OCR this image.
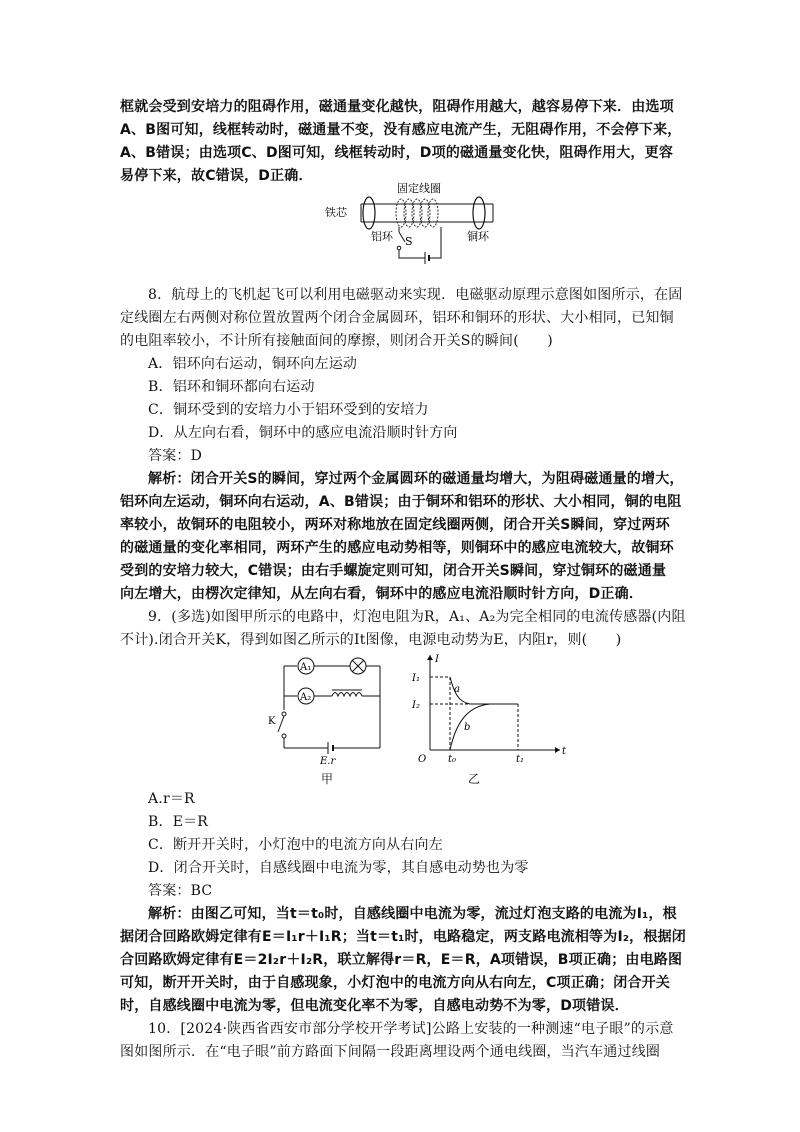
框就会受到安培力的阻碍作用，磁通量变化越快，阻碍作用越大，越容易停下来．由选项
A、B图可知，线框转动时，磁通量不变，没有感应电流产生，无阻碍作用，不会停下来，
A、B错误；由选项C、D图可知，线框转动时，D项的磁通量变化快，阻碍作用大，更容
易停下来，故C错误，D正确．
固定线圈
铁芯
铝环	铜环
S
8．航母上的飞机起飞可以利用电磁驱动来实现．电磁驱动原理示意图如图所示，在固
定线圈左右两侧对称位置放置两个闭合金属圆环，铝环和铜环的形状、大小相同，已知铜
的电阻率较小，不计所有接触面间的摩擦，则闭合开关S的瞬间(　　)
A．铝环向右运动，铜环向左运动
B．铝环和铜环都向右运动
C．铜环受到的安培力小于铝环受到的安培力
D．从左向右看，铜环中的感应电流沿顺时针方向
答案：D
解析：闭合开关S的瞬间，穿过两个金属圆环的磁通量均增大，为阻碍磁通量的增大，
铝环向左运动，铜环向右运动，A、B错误；由于铜环和铝环的形状、大小相同，铜的电阻
率较小，故铜环的电阻较小，两环对称地放在固定线圈两侧，闭合开关S瞬间，穿过两环
的磁通量的变化率相同，两环产生的感应电动势相等，则铜环中的感应电流较大，故铜环
受到的安培力较大，C错误；由右手螺旋定则可知，闭合开关S瞬间，穿过铜环的磁通量
向左增大，由楞次定律知，从左向右看，铜环中的感应电流沿顺时针方向，D正确．
9．(多选)如图甲所示的电路中，灯泡电阻为R，A₁、A₂为完全相同的电流传感器(内阻
不计).闭合开关K，得到如图乙所示的It图像，电源电动势为E，内阻r，则(　　)
A₁
A₂
K
E.r
甲
I
t
O
I₁
I₂
a
b
t₀	t₁
乙
A.r＝R
B．E＝R
C．断开开关时，小灯泡中的电流方向从右向左
D．闭合开关时，自感线圈中电流为零，其自感电动势也为零
答案：BC
解析：由图乙可知，当t＝t₀时，自感线圈中电流为零，流过灯泡支路的电流为I₁，根
据闭合回路欧姆定律有E＝I₁r＋I₁R；当t＝t₁时，电路稳定，两支路电流相等为I₂，根据闭
合回路欧姆定律有E＝2I₂r＋I₂R，联立解得r＝R，E＝R，A项错误，B项正确；由电路图
可知，断开开关时，由于自感现象，小灯泡中的电流方向从右向左，C项正确；闭合开关
时，自感线圈中电流为零，但电流变化率不为零，自感电动势不为零，D项错误．
10．[2024·陕西省西安市部分学校开学考试]公路上安装的一种测速“电子眼”的示意
图如图所示．在“电子眼”前方路面下间隔一段距离埋设两个通电线圈，当汽车通过线圈
